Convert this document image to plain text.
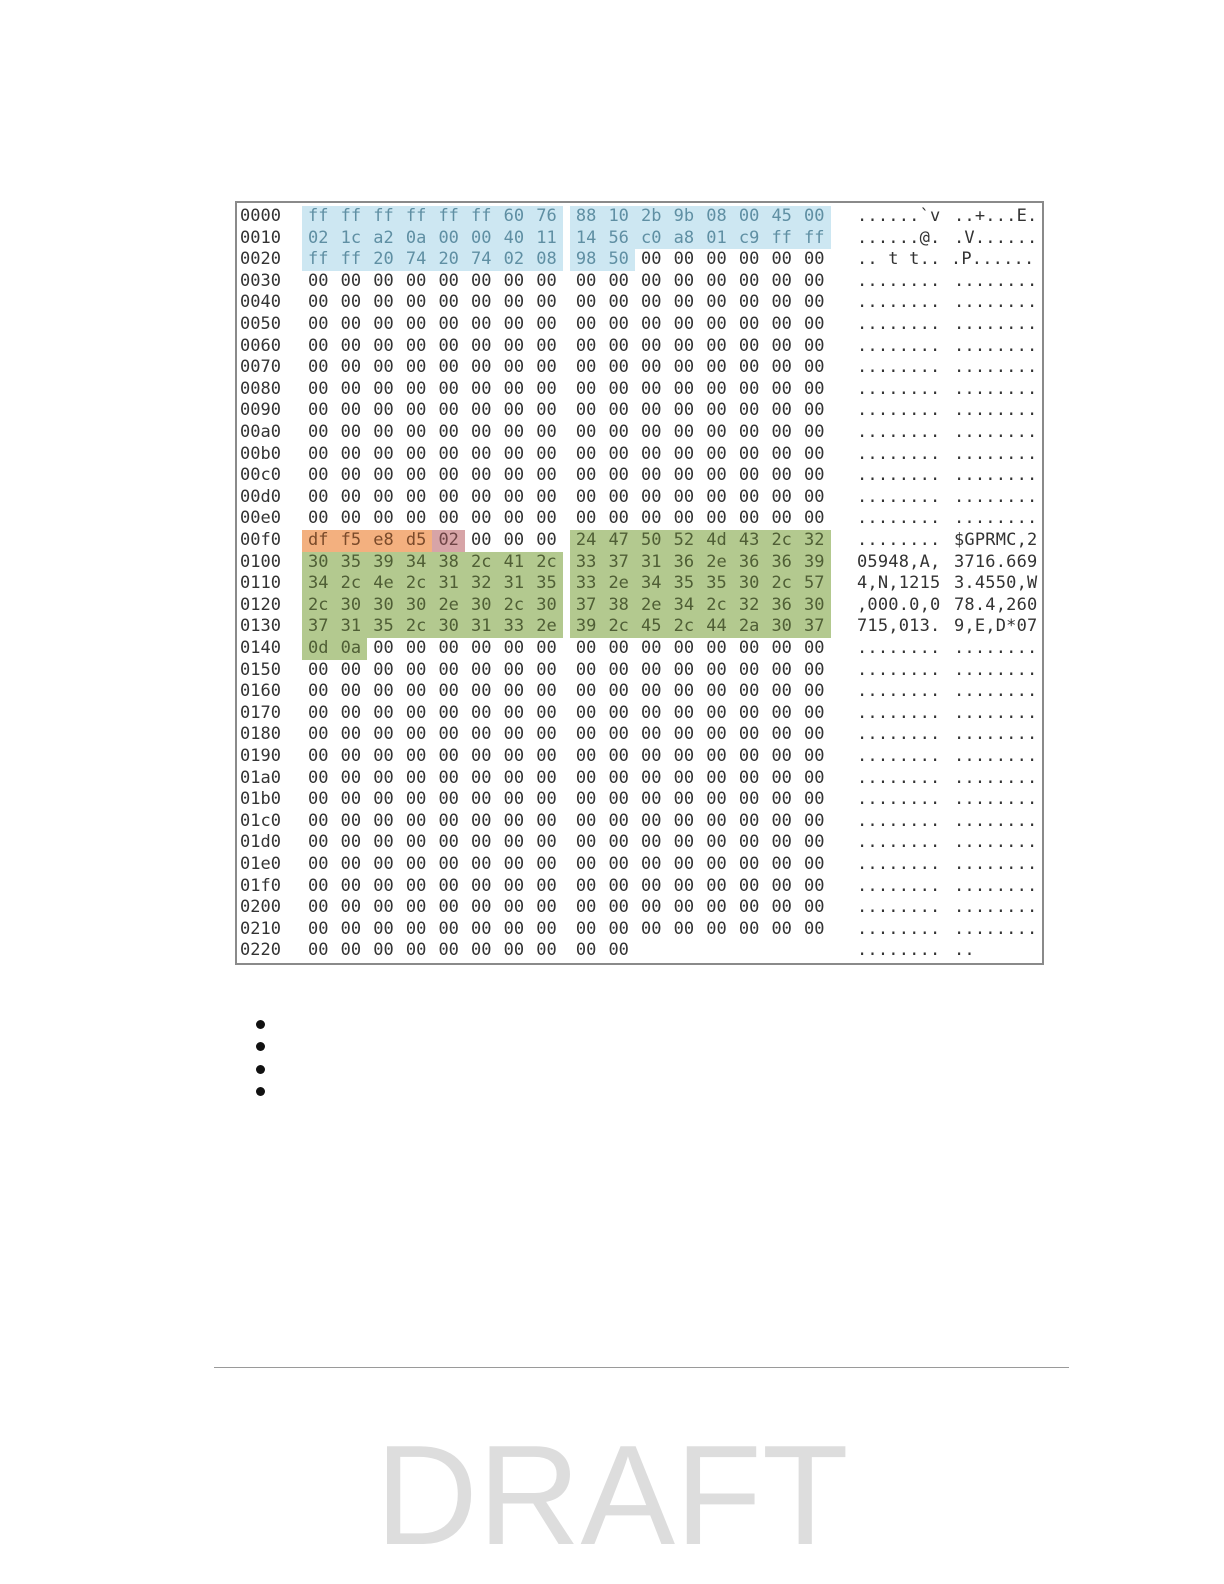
0000	ff ff ff ff ff ff 60 76	88 10 2b 9b 08 00 45 00	......`v ..+...E.
0010	02 1c a2 0a 00 00 40 11	14 56 c0 a8 01 c9 ff ff	......@. .V......
0020	ff ff 20 74 20 74 02 08	98 50 00 00 00 00 00 00	.. t t.. .P......
0030	00 00 00 00 00 00 00 00	00 00 00 00 00 00 00 00	........ ........
0040	00 00 00 00 00 00 00 00	00 00 00 00 00 00 00 00	........ ........
0050	00 00 00 00 00 00 00 00	00 00 00 00 00 00 00 00	........ ........
0060	00 00 00 00 00 00 00 00	00 00 00 00 00 00 00 00	........ ........
0070	00 00 00 00 00 00 00 00	00 00 00 00 00 00 00 00	........ ........
0080	00 00 00 00 00 00 00 00	00 00 00 00 00 00 00 00	........ ........
0090	00 00 00 00 00 00 00 00	00 00 00 00 00 00 00 00	........ ........
00a0	00 00 00 00 00 00 00 00	00 00 00 00 00 00 00 00	........ ........
00b0	00 00 00 00 00 00 00 00	00 00 00 00 00 00 00 00	........ ........
00c0	00 00 00 00 00 00 00 00	00 00 00 00 00 00 00 00	........ ........
00d0	00 00 00 00 00 00 00 00	00 00 00 00 00 00 00 00	........ ........
00e0	00 00 00 00 00 00 00 00	00 00 00 00 00 00 00 00	........ ........
00f0	df f5 e8 d5 02 00 00 00	24 47 50 52 4d 43 2c 32	........ $GPRMC,2
0100	30 35 39 34 38 2c 41 2c	33 37 31 36 2e 36 36 39	05948,A, 3716.669
0110	34 2c 4e 2c 31 32 31 35	33 2e 34 35 35 30 2c 57	4,N,1215 3.4550,W
0120	2c 30 30 30 2e 30 2c 30	37 38 2e 34 2c 32 36 30	,000.0,0 78.4,260
0130	37 31 35 2c 30 31 33 2e	39 2c 45 2c 44 2a 30 37	715,013. 9,E,D*07
0140	0d 0a 00 00 00 00 00 00	00 00 00 00 00 00 00 00	........ ........
0150	00 00 00 00 00 00 00 00	00 00 00 00 00 00 00 00	........ ........
0160	00 00 00 00 00 00 00 00	00 00 00 00 00 00 00 00	........ ........
0170	00 00 00 00 00 00 00 00	00 00 00 00 00 00 00 00	........ ........
0180	00 00 00 00 00 00 00 00	00 00 00 00 00 00 00 00	........ ........
0190	00 00 00 00 00 00 00 00	00 00 00 00 00 00 00 00	........ ........
01a0	00 00 00 00 00 00 00 00	00 00 00 00 00 00 00 00	........ ........
01b0	00 00 00 00 00 00 00 00	00 00 00 00 00 00 00 00	........ ........
01c0	00 00 00 00 00 00 00 00	00 00 00 00 00 00 00 00	........ ........
01d0	00 00 00 00 00 00 00 00	00 00 00 00 00 00 00 00	........ ........
01e0	00 00 00 00 00 00 00 00	00 00 00 00 00 00 00 00	........ ........
01f0	00 00 00 00 00 00 00 00	00 00 00 00 00 00 00 00	........ ........
0200	00 00 00 00 00 00 00 00	00 00 00 00 00 00 00 00	........ ........
0210	00 00 00 00 00 00 00 00	00 00 00 00 00 00 00 00	........ ........
0220	00 00 00 00 00 00 00 00	00 00	........ ..
DRAFT
